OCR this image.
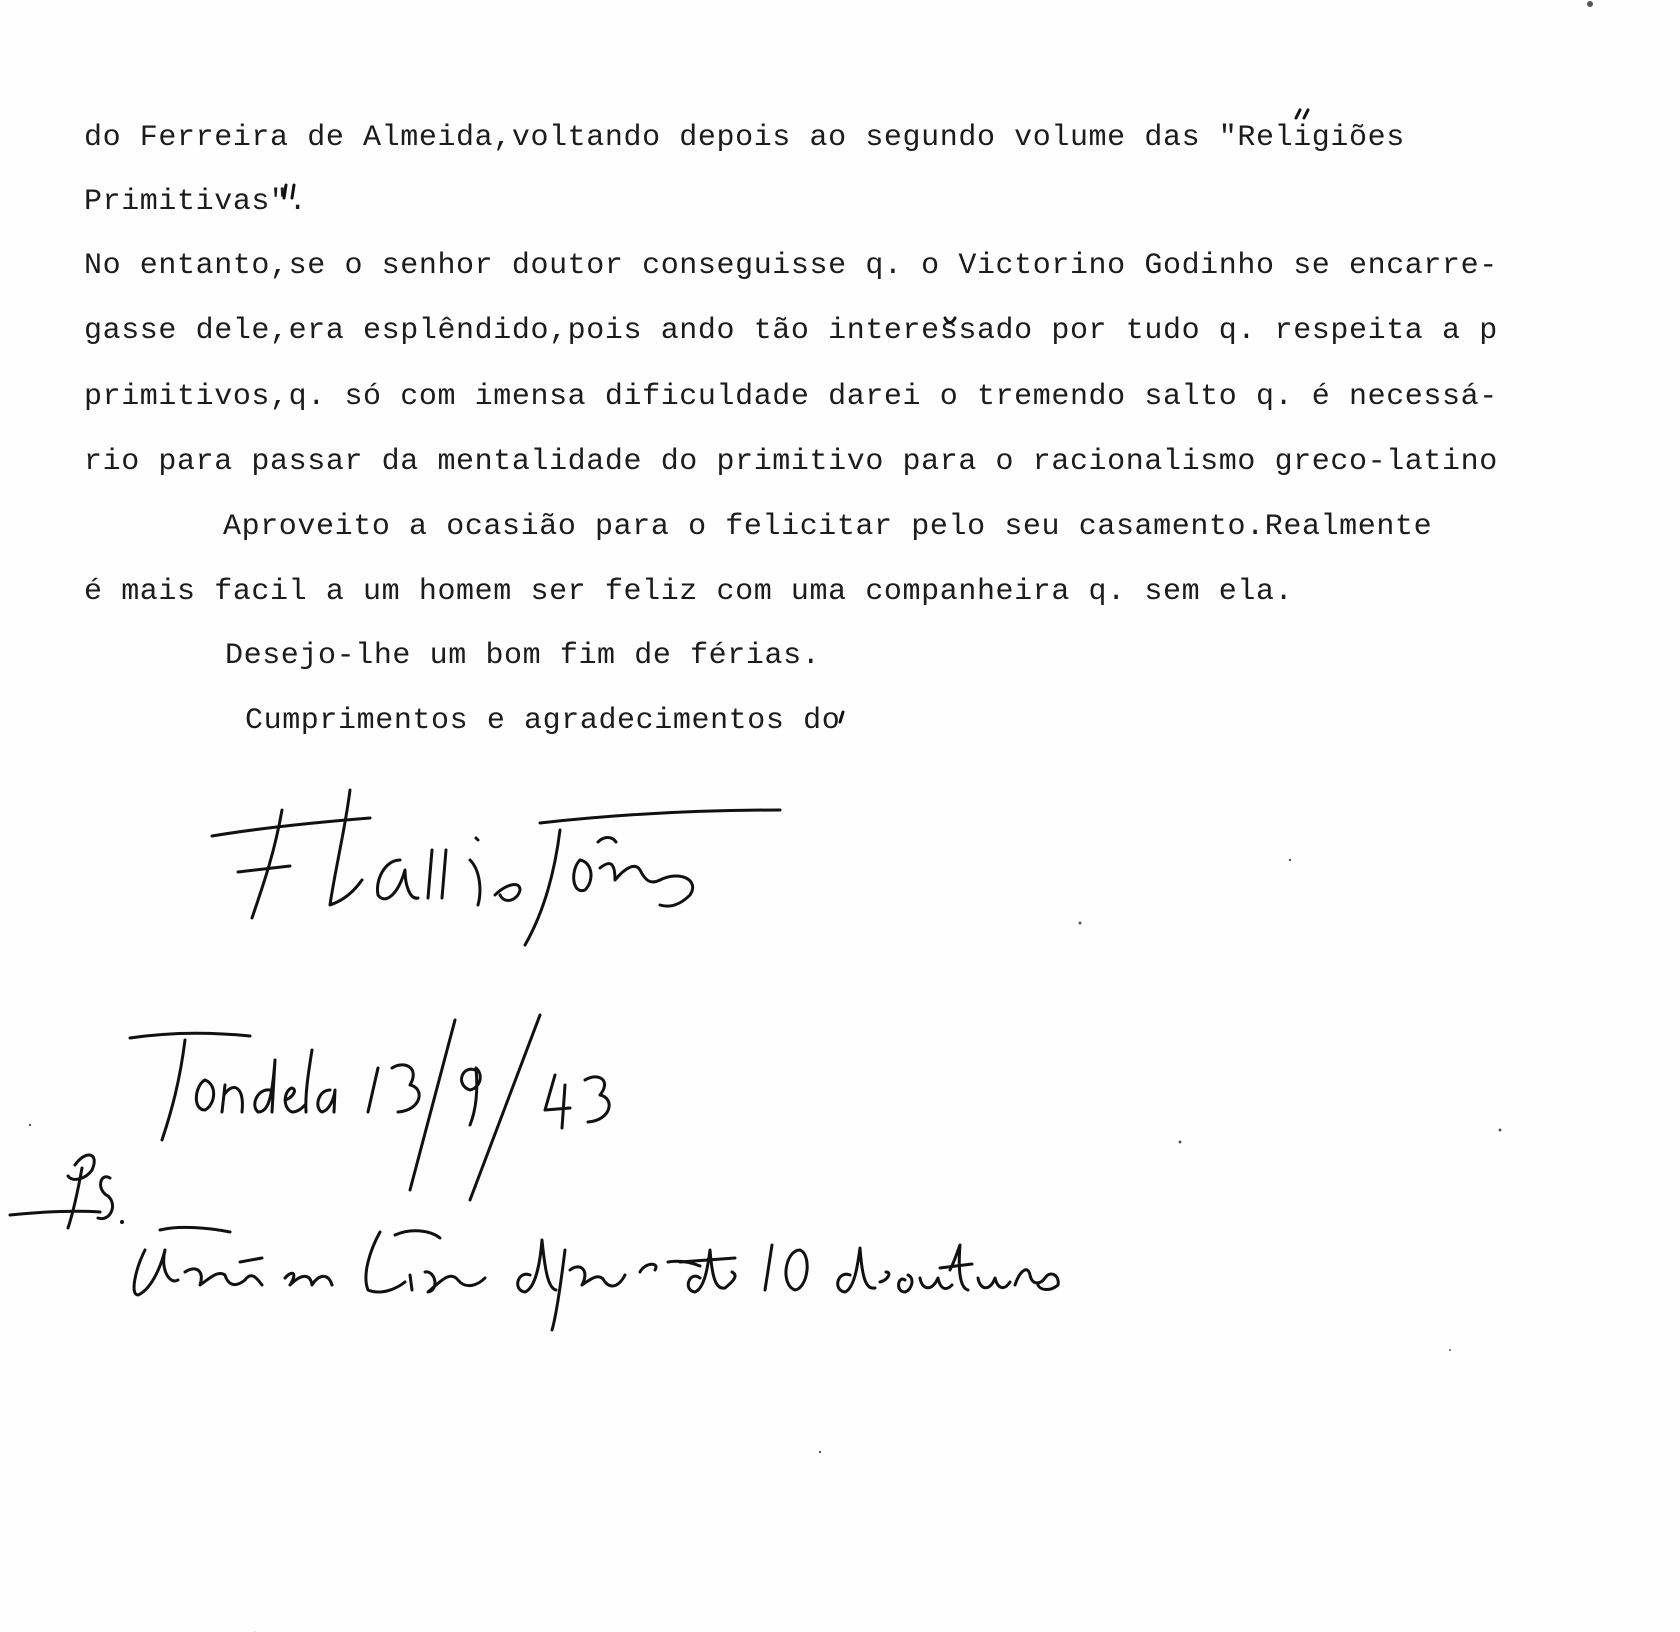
do Ferreira de Almeida,voltando depois ao segundo volume das "Religiões
Primitivas".
No entanto,se o senhor doutor conseguisse q. o Victorino Godinho se encarre-
gasse dele,era esplêndido,pois ando tão interessado por tudo q. respeita a p
primitivos,q. só com imensa dificuldade darei o tremendo salto q. é necessá-
rio para passar da mentalidade do primitivo para o racionalismo greco-latino
Aproveito a ocasião para o felicitar pelo seu casamento.Realmente
é mais facil a um homem ser feliz com uma companheira q. sem ela.
Desejo-lhe um bom fim de férias.
Cumprimentos e agradecimentos do
